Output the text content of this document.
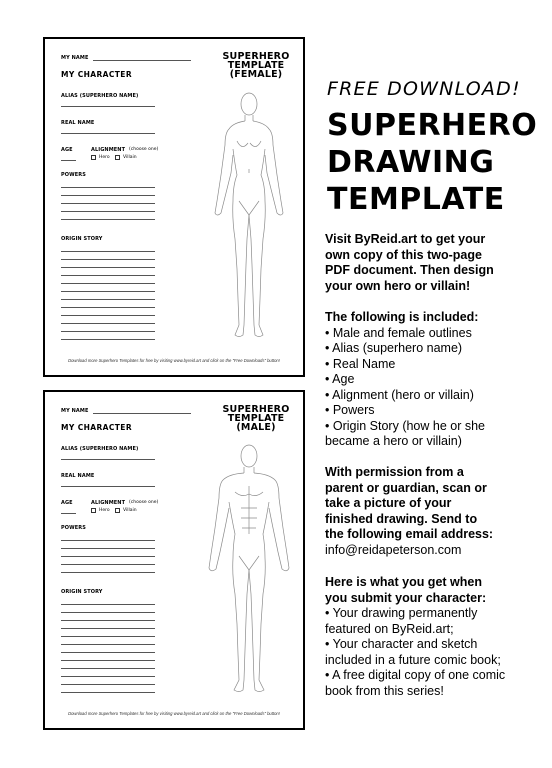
MY NAME
MY CHARACTER
SUPERHERO
TEMPLATE
(FEMALE)
ALIAS (SUPERHERO NAME)
REAL NAME
AGE	ALIGNMENT (choose one)
Hero	Villain
POWERS
ORIGIN STORY
Download more Superhero Templates for free by visiting www.byreid.art and click on the "Free Downloads" button!
MY NAME
MY CHARACTER
SUPERHERO
TEMPLATE
(MALE)
ALIAS (SUPERHERO NAME)
REAL NAME
AGE	ALIGNMENT (choose one)
Hero	Villain
POWERS
ORIGIN STORY
Download more Superhero Templates for free by visiting www.byreid.art and click on the "Free Downloads" button!
FREE DOWNLOAD!
SUPERHERO
DRAWING
TEMPLATE
Visit ByReid.art to get your
own copy of this two-page
PDF document. Then design
your own hero or villain!
The following is included:
• Male and female outlines
• Alias (superhero name)
• Real Name
• Age
• Alignment (hero or villain)
• Powers
• Origin Story (how he or she
became a hero or villain)
With permission from a
parent or guardian, scan or
take a picture of your
finished drawing. Send to
the following email address:
info@reidapeterson.com
Here is what you get when
you submit your character:
• Your drawing permanently
featured on ByReid.art;
• Your character and sketch
included in a future comic book;
• A free digital copy of one comic
book from this series!
